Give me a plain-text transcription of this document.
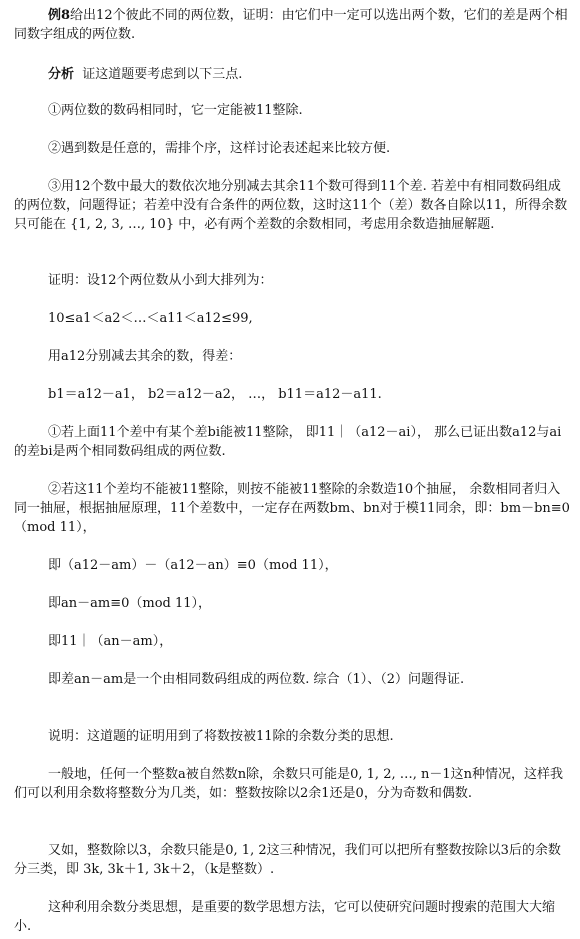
例8给出12个彼此不同的两位数，证明：由它们中一定可以选出两个数，它们的差是两个相同数字组成的两位数.

分析 证这道题要考虑到以下三点.

①两位数的数码相同时，它一定能被11整除.

②遇到数是任意的，需排个序，这样讨论表述起来比较方便.

③用12个数中最大的数依次地分别减去其余11个数可得到11个差. 若差中有相同数码组成的两位数，问题得证；若差中没有合条件的两位数，这时这11个（差）数各自除以11，所得余数只可能在 {1, 2, 3, …, 10} 中，必有两个差数的余数相同，考虑用余数造抽屉解题.

证明：设12个两位数从小到大排列为：

10≤a1＜a2＜…＜a11＜a12≤99,

用a12分别减去其余的数，得差：

b1＝a12－a1， b2＝a12－a2， …， b11＝a12－a11.

①若上面11个差中有某个差bi能被11整除， 即11｜（a12－ai）， 那么已证出数a12与ai的差bi是两个相同数码组成的两位数.

②若这11个差均不能被11整除，则按不能被11整除的余数造10个抽屉， 余数相同者归入同一抽屉，根据抽屉原理，11个差数中，一定存在两数bm、bn对于模11同余，即：bm－bn≡0（mod 11），

即（a12－am）－（a12－an）≡0（mod 11），

即an－am≡0（mod 11），

即11｜（an－am），

即差an－am是一个由相同数码组成的两位数. 综合（1）、（2）问题得证.

说明：这道题的证明用到了将数按被11除的余数分类的思想.

一般地，任何一个整数a被自然数n除，余数只可能是0, 1, 2, …, n－1这n种情况，这样我们可以利用余数将整数分为几类，如：整数按除以2余1还是0，分为奇数和偶数.

又如，整数除以3，余数只能是0, 1, 2这三种情况，我们可以把所有整数按除以3后的余数分三类，即 3k, 3k＋1, 3k＋2，（k是整数）.

这种利用余数分类思想，是重要的数学思想方法，它可以使研究问题时搜索的范围大大缩小.
